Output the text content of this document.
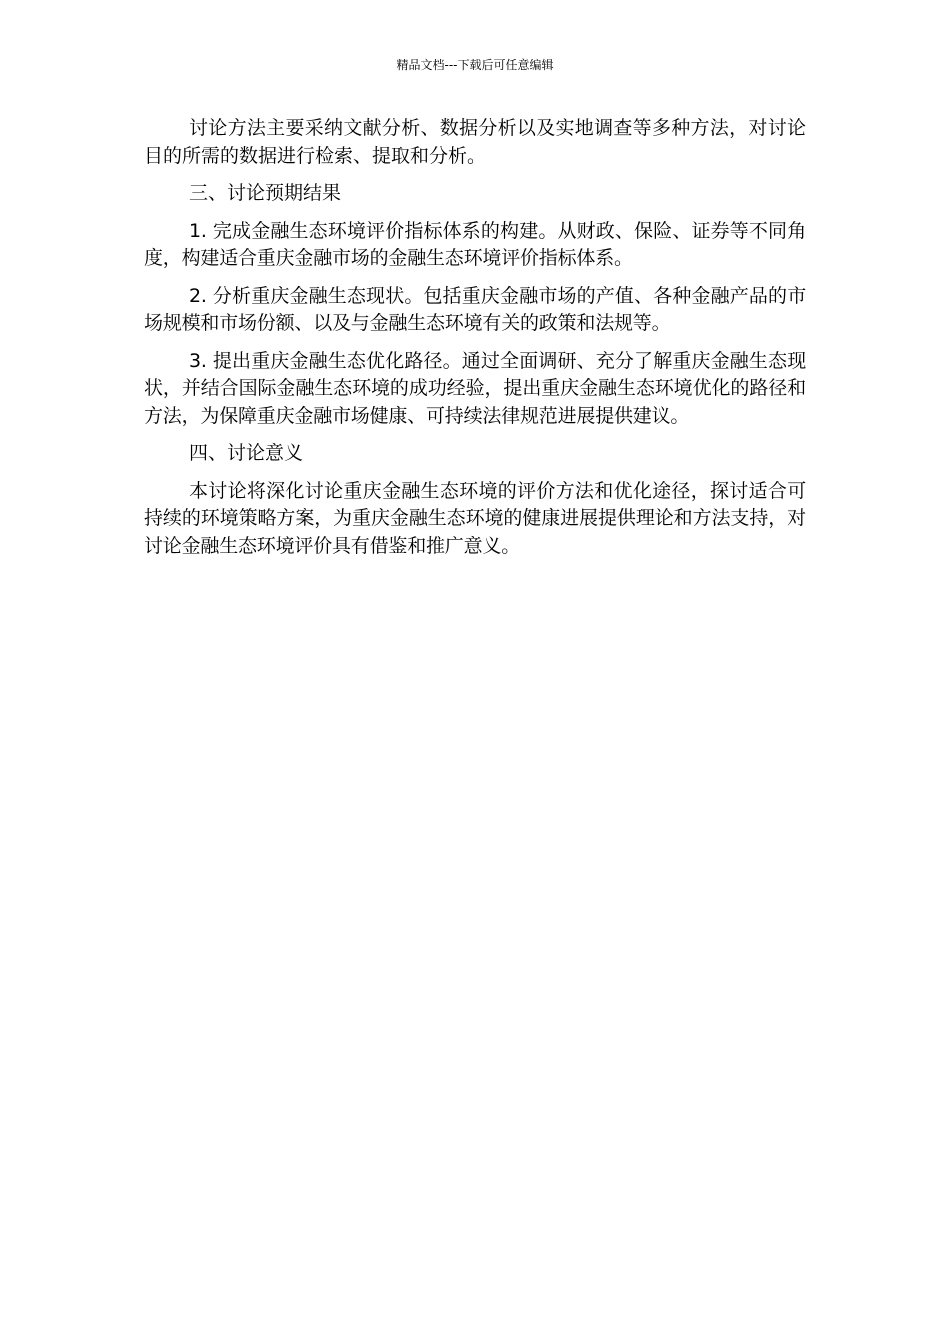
精品文档---下载后可任意编辑

讨论方法主要采纳文献分析、数据分析以及实地调查等多种方法，对讨论目的所需的数据进行检索、提取和分析。

三、讨论预期结果

1. 完成金融生态环境评价指标体系的构建。从财政、保险、证券等不同角度，构建适合重庆金融市场的金融生态环境评价指标体系。

2. 分析重庆金融生态现状。包括重庆金融市场的产值、各种金融产品的市场规模和市场份额、以及与金融生态环境有关的政策和法规等。

3. 提出重庆金融生态优化路径。通过全面调研、充分了解重庆金融生态现状，并结合国际金融生态环境的成功经验，提出重庆金融生态环境优化的路径和方法，为保障重庆金融市场健康、可持续法律规范进展提供建议。

四、讨论意义

本讨论将深化讨论重庆金融生态环境的评价方法和优化途径，探讨适合可持续的环境策略方案，为重庆金融生态环境的健康进展提供理论和方法支持，对讨论金融生态环境评价具有借鉴和推广意义。
